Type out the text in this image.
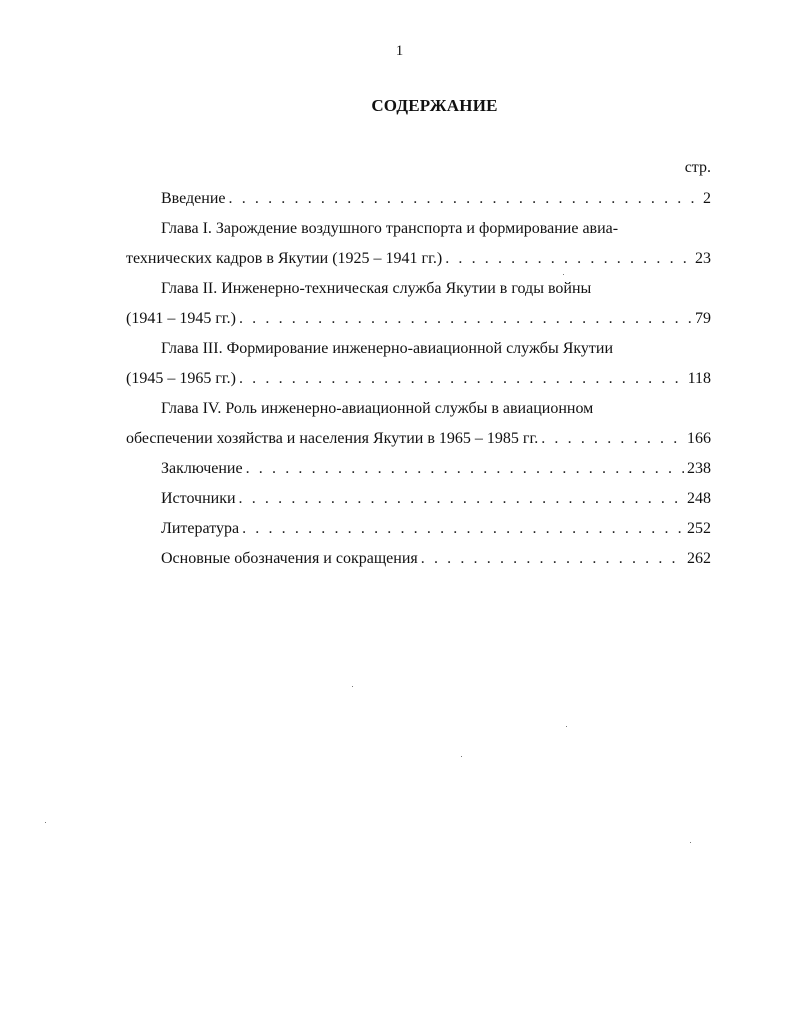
1
СОДЕРЖАНИЕ
стр.
Введение . . .	2
Глава I. Зарождение воздушного транспорта и формирование авиа-
технических кадров в Якутии (1925 – 1941 гг.) . . .	23
Глава II. Инженерно-техническая служба Якутии в годы войны
(1941 – 1945 гг.) . . .	79
Глава III. Формирование инженерно-авиационной службы Якутии
(1945 – 1965 гг.) . . .	118
Глава IV. Роль инженерно-авиационной службы в авиационном
обеспечении хозяйства и населения Якутии в 1965 – 1985 гг. . . .	166
Заключение . . .	238
Источники . . .	248
Литература . . .	252
Основные обозначения и сокращения . . .	262
